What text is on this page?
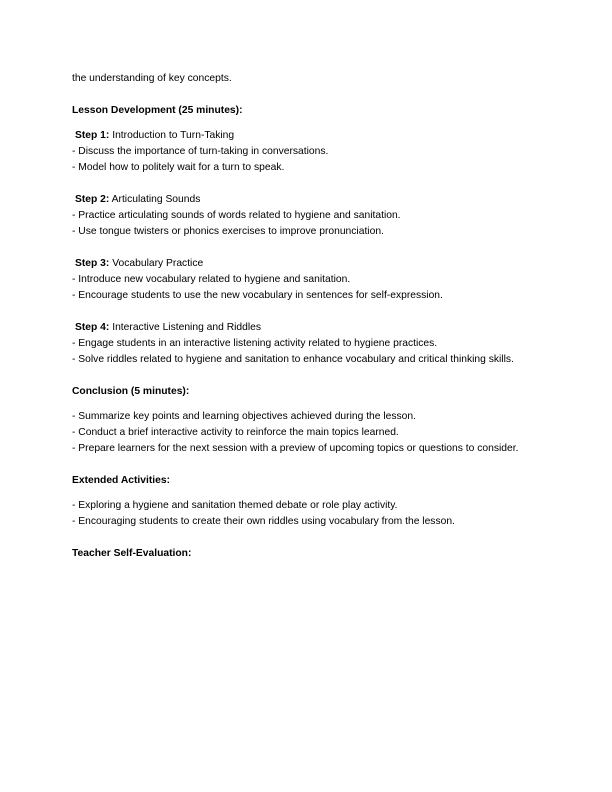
the understanding of key concepts.

Lesson Development (25 minutes):

Step 1: Introduction to Turn-Taking

- Discuss the importance of turn-taking in conversations.

- Model how to politely wait for a turn to speak.

Step 2: Articulating Sounds

- Practice articulating sounds of words related to hygiene and sanitation.

- Use tongue twisters or phonics exercises to improve pronunciation.

Step 3: Vocabulary Practice

- Introduce new vocabulary related to hygiene and sanitation.

- Encourage students to use the new vocabulary in sentences for self-expression.

Step 4: Interactive Listening and Riddles

- Engage students in an interactive listening activity related to hygiene practices.

- Solve riddles related to hygiene and sanitation to enhance vocabulary and critical thinking skills.

Conclusion (5 minutes):

- Summarize key points and learning objectives achieved during the lesson.

- Conduct a brief interactive activity to reinforce the main topics learned.

- Prepare learners for the next session with a preview of upcoming topics or questions to consider.

Extended Activities:

- Exploring a hygiene and sanitation themed debate or role play activity.

- Encouraging students to create their own riddles using vocabulary from the lesson.

Teacher Self-Evaluation:
